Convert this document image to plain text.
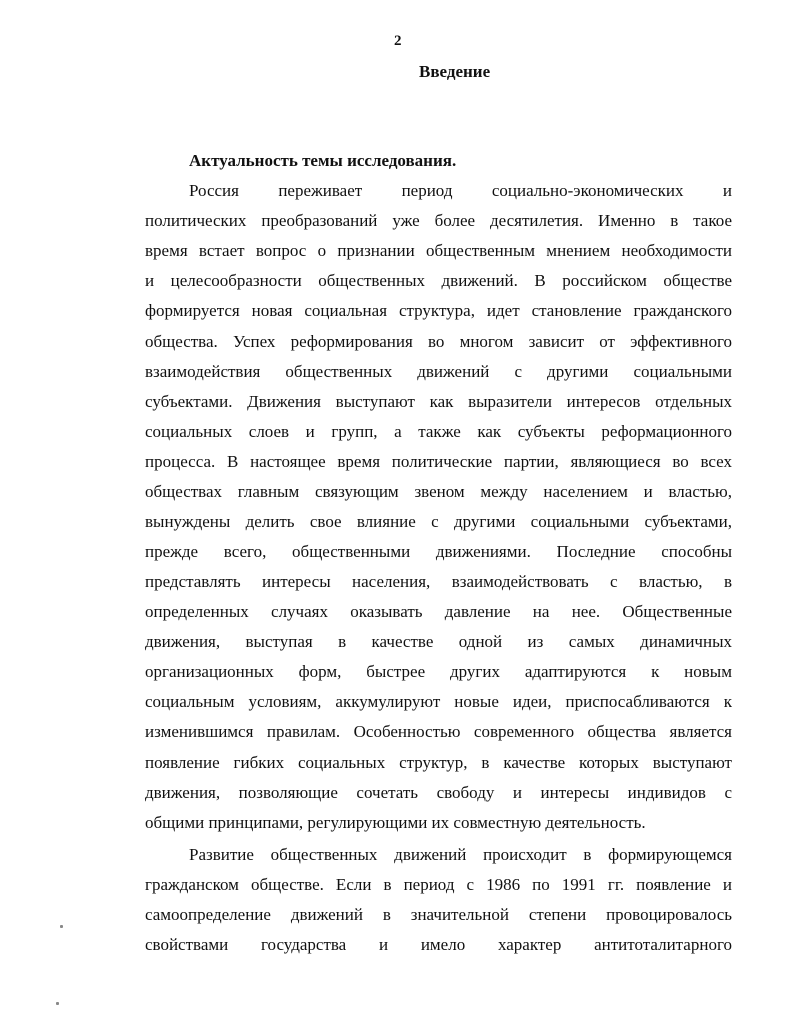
2
Введение
Актуальность темы исследования.
Россия переживает период социально-экономических и
политических преобразований уже более десятилетия. Именно в такое
время встает вопрос о признании общественным мнением необходимости
и целесообразности общественных движений. В российском обществе
формируется новая социальная структура, идет становление гражданского
общества. Успех реформирования во многом зависит от эффективного
взаимодействия общественных движений с другими социальными
субъектами. Движения выступают как выразители интересов отдельных
социальных слоев и групп, а также как субъекты реформационного
процесса. В настоящее время политические партии, являющиеся во всех
обществах главным связующим звеном между населением и властью,
вынуждены делить свое влияние с другими социальными субъектами,
прежде всего, общественными движениями. Последние способны
представлять интересы населения, взаимодействовать с властью, в
определенных случаях оказывать давление на нее. Общественные
движения, выступая в качестве одной из самых динамичных
организационных форм, быстрее других адаптируются к новым
социальным условиям, аккумулируют новые идеи, приспосабливаются к
изменившимся правилам. Особенностью современного общества является
появление гибких социальных структур, в качестве которых выступают
движения, позволяющие сочетать свободу и интересы индивидов с
общими принципами, регулирующими их совместную деятельность.
Развитие общественных движений происходит в формирующемся
гражданском обществе. Если в период с 1986 по 1991 гг. появление и
самоопределение движений в значительной степени провоцировалось
свойствами государства и имело характер антитоталитарного
